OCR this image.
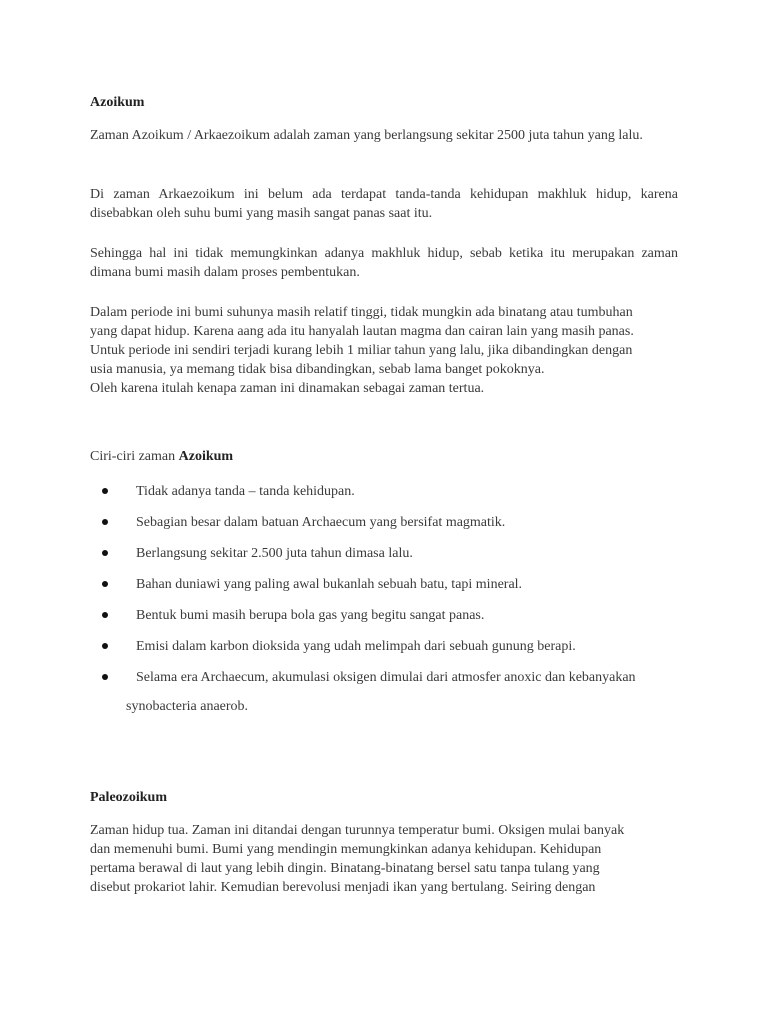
Azoikum
Zaman Azoikum / Arkaezoikum adalah zaman yang berlangsung sekitar 2500 juta tahun yang lalu.
Di zaman Arkaezoikum ini belum ada terdapat tanda-tanda kehidupan makhluk hidup, karena disebabkan oleh suhu bumi yang masih sangat panas saat itu.
Sehingga hal ini tidak memungkinkan adanya makhluk hidup, sebab ketika itu merupakan zaman dimana bumi masih dalam proses pembentukan.
Dalam periode ini bumi suhunya masih relatif tinggi, tidak mungkin ada binatang atau tumbuhan
yang dapat hidup. Karena aang ada itu hanyalah lautan magma dan cairan lain yang masih panas.
Untuk periode ini sendiri terjadi kurang lebih 1 miliar tahun yang lalu, jika dibandingkan dengan
usia manusia, ya memang tidak bisa dibandingkan, sebab lama banget pokoknya.
Oleh karena itulah kenapa zaman ini dinamakan sebagai zaman tertua.
Ciri-ciri zaman Azoikum
Tidak adanya tanda – tanda kehidupan.
Sebagian besar dalam batuan Archaecum yang bersifat magmatik.
Berlangsung sekitar 2.500 juta tahun dimasa lalu.
Bahan duniawi yang paling awal bukanlah sebuah batu, tapi mineral.
Bentuk bumi masih berupa bola gas yang begitu sangat panas.
Emisi dalam karbon dioksida yang udah melimpah dari sebuah gunung berapi.
Selama era Archaecum, akumulasi oksigen dimulai dari atmosfer anoxic dan kebanyakan
synobacteria anaerob.
Paleozoikum
Zaman hidup tua. Zaman ini ditandai dengan turunnya temperatur bumi. Oksigen mulai banyak
dan memenuhi bumi. Bumi yang mendingin memungkinkan adanya kehidupan. Kehidupan
pertama berawal di laut yang lebih dingin. Binatang-binatang bersel satu tanpa tulang yang
disebut prokariot lahir. Kemudian berevolusi menjadi ikan yang bertulang. Seiring dengan
